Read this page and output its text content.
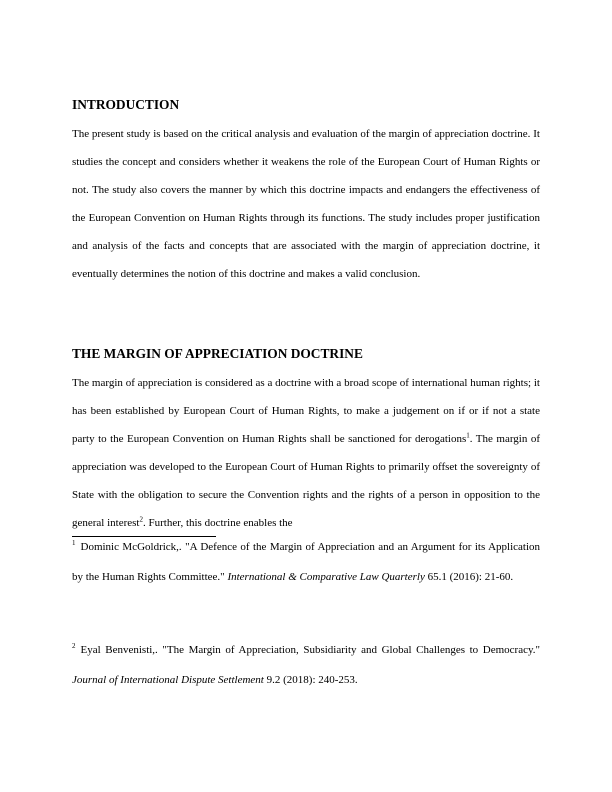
INTRODUCTION

The present study is based on the critical analysis and evaluation of the margin of appreciation doctrine. It studies the concept and considers whether it weakens the role of the European Court of Human Rights or not. The study also covers the manner by which this doctrine impacts and endangers the effectiveness of the European Convention on Human Rights through its functions. The study includes proper justification and analysis of the facts and concepts that are associated with the margin of appreciation doctrine, it eventually determines the notion of this doctrine and makes a valid conclusion.

THE MARGIN OF APPRECIATION DOCTRINE

The margin of appreciation is considered as a doctrine with a broad scope of international human rights; it has been established by European Court of Human Rights, to make a judgement on if or if not a state party to the European Convention on Human Rights shall be sanctioned for derogations$^1$. The margin of appreciation was developed to the European Court of Human Rights to primarily offset the sovereignty of State with the obligation to secure the Convention rights and the rights of a person in opposition to the general interest$^2$. Further, this doctrine enables the

$^1$ Dominic McGoldrick,. "A Defence of the Margin of Appreciation and an Argument for its Application by the Human Rights Committee." International & Comparative Law Quarterly 65.1 (2016): 21-60.

$^2$ Eyal Benvenisti,. "The Margin of Appreciation, Subsidiarity and Global Challenges to Democracy." Journal of International Dispute Settlement 9.2 (2018): 240-253.
